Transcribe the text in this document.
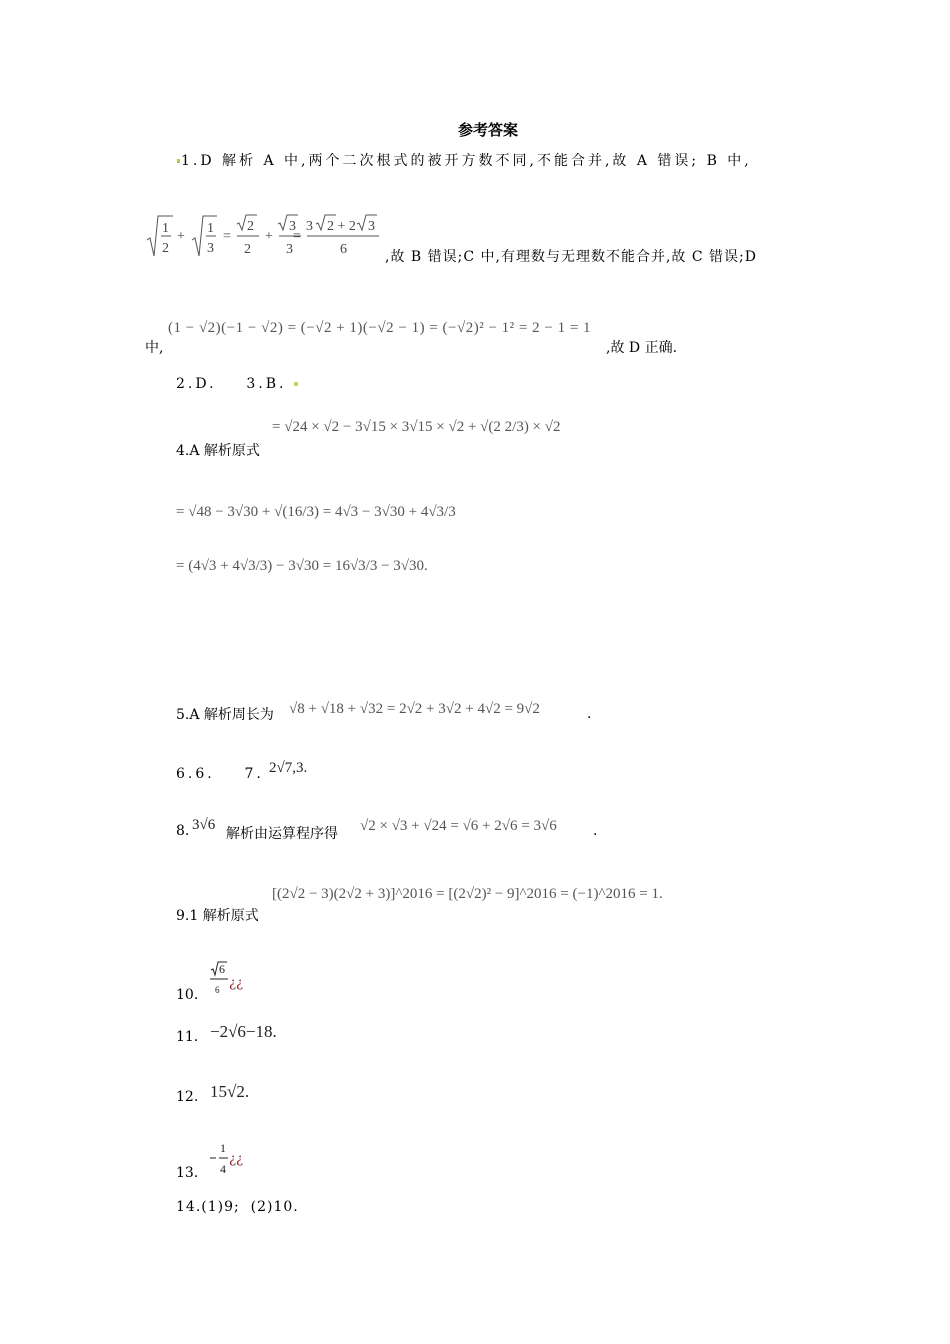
参考答案
1.D 解析 A 中,两个二次根式的被开方数不同,不能合并,故 A 错误; B 中,
1
2
+
1
3
=
2
2
+
3
3
=
3 2 + 2 3
6	,故 B 错误;C 中,有理数与无理数不能合并,故 C 错误;D
中,
(1 − √2)(−1 − √2) = (−√2 + 1)(−√2 − 1) = (−√2)² − 1² = 2 − 1 = 1
,故 D 正确.
2.D.    3.B.
= √24 × √2 − 3√15 × 3√15 × √2 + √(2 2/3) × √2
4.A 解析原式
= √48 − 3√30 + √(16/3) = 4√3 − 3√30 + 4√3/3
= (4√3 + 4√3/3) − 3√30 = 16√3/3 − 3√30.
5.A 解析周长为 √8 + √18 + √32 = 2√2 + 3√2 + 4√2 = 9√2	.
6.6.    7. 2√7,3.
8. 3√6
解析由运算程序得 √2 × √3 + √24 = √6 + 2√6 = 3√6	.
9.1 解析原式
[(2√2 − 3)(2√2 + 3)]^2016 = [(2√2)² − 9]^2016 = (−1)^2016 = 1.
10.
6
6 ¿¿
11. −2√6−18.
12. 15√2.
13.
1
4
¿¿
14.(1)9;  (2)10.
